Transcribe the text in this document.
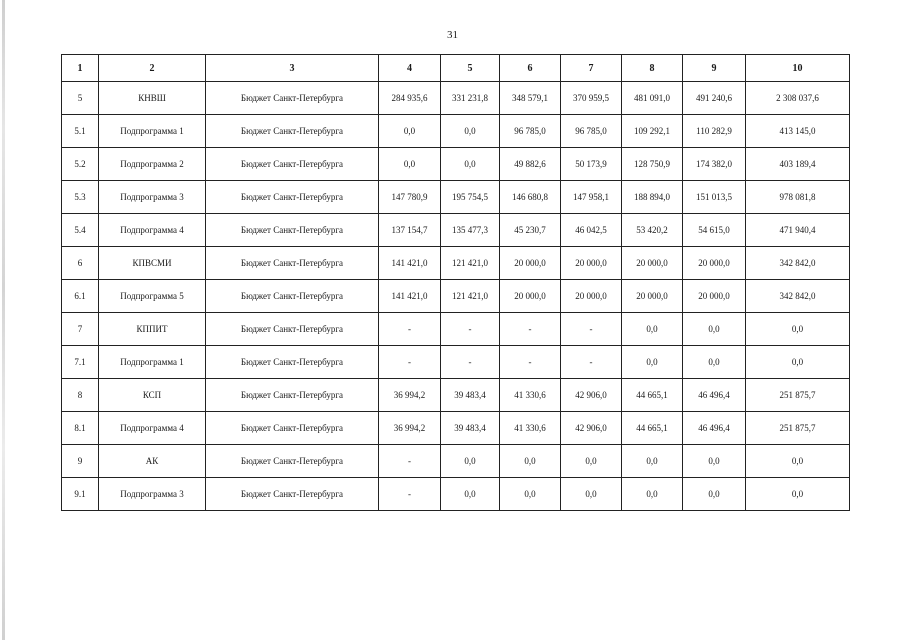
31
1	2	3	4	5	6	7	8	9	10
5	КНВШ	Бюджет Санкт-Петербурга	284 935,6	331 231,8	348 579,1	370 959,5	481 091,0	491 240,6	2 308 037,6
5.1	Подпрограмма 1	Бюджет Санкт-Петербурга	0,0	0,0	96 785,0	96 785,0	109 292,1	110 282,9	413 145,0
5.2	Подпрограмма 2	Бюджет Санкт-Петербурга	0,0	0,0	49 882,6	50 173,9	128 750,9	174 382,0	403 189,4
5.3	Подпрограмма 3	Бюджет Санкт-Петербурга	147 780,9	195 754,5	146 680,8	147 958,1	188 894,0	151 013,5	978 081,8
5.4	Подпрограмма 4	Бюджет Санкт-Петербурга	137 154,7	135 477,3	45 230,7	46 042,5	53 420,2	54 615,0	471 940,4
6	КПВСМИ	Бюджет Санкт-Петербурга	141 421,0	121 421,0	20 000,0	20 000,0	20 000,0	20 000,0	342 842,0
6.1	Подпрограмма 5	Бюджет Санкт-Петербурга	141 421,0	121 421,0	20 000,0	20 000,0	20 000,0	20 000,0	342 842,0
7	КППИТ	Бюджет Санкт-Петербурга	-	-	-	-	0,0	0,0	0,0
7.1	Подпрограмма 1	Бюджет Санкт-Петербурга	-	-	-	-	0,0	0,0	0,0
8	КСП	Бюджет Санкт-Петербурга	36 994,2	39 483,4	41 330,6	42 906,0	44 665,1	46 496,4	251 875,7
8.1	Подпрограмма 4	Бюджет Санкт-Петербурга	36 994,2	39 483,4	41 330,6	42 906,0	44 665,1	46 496,4	251 875,7
9	АК	Бюджет Санкт-Петербурга	-	0,0	0,0	0,0	0,0	0,0	0,0
9.1	Подпрограмма 3	Бюджет Санкт-Петербурга	-	0,0	0,0	0,0	0,0	0,0	0,0
